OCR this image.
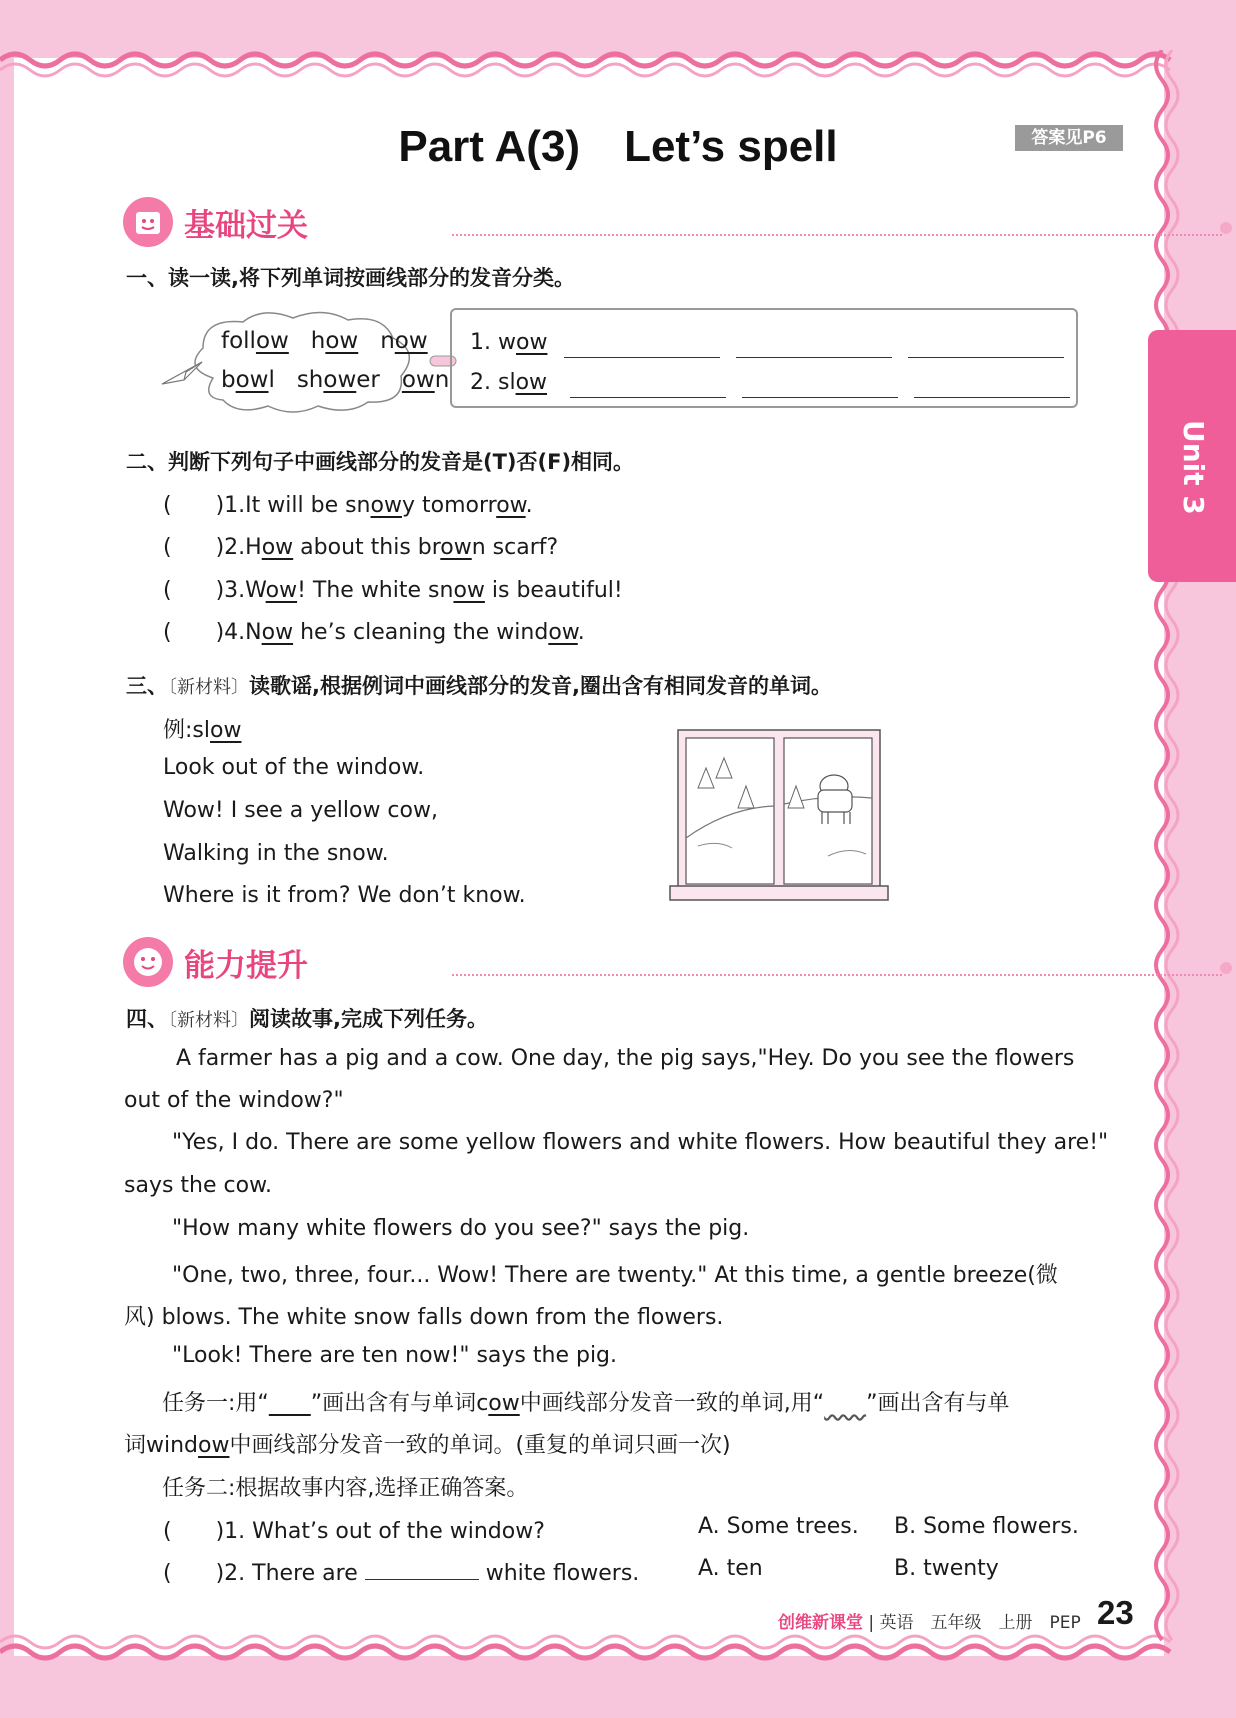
Unit 3
Part A(3)　Let’s spell	答案见P6
基础过关
一、读一读,将下列单词按画线部分的发音分类。
follow how now
bowl shower own
1. wow
2. slow
二、判断下列句子中画线部分的发音是(T)否(F)相同。
(　　)1.It will be snowy tomorrow.
(　　)2.How about this brown scarf?
(　　)3.Wow! The white snow is beautiful!
(　　)4.Now he’s cleaning the window.
三、〔新材料〕读歌谣,根据例词中画线部分的发音,圈出含有相同发音的单词。
例:slow
Look out of the window.
Wow! I see a yellow cow,
Walking in the snow.
Where is it from? We don’t know.
能力提升
四、〔新材料〕阅读故事,完成下列任务。
A farmer has a pig and a cow. One day, the pig says,"Hey. Do you see the flowers
out of the window?"
"Yes, I do. There are some yellow flowers and white flowers. How beautiful they are!"
says the cow.
"How many white flowers do you see?" says the pig.
"One, two, three, four... Wow! There are twenty." At this time, a gentle breeze(微
风) blows. The white snow falls down from the flowers.
"Look! There are ten now!" says the pig.
任务一:用“ ”画出含有与单词cow中画线部分发音一致的单词,用“ ”画出含有与单
词window中画线部分发音一致的单词。(重复的单词只画一次)
任务二:根据故事内容,选择正确答案。
(　　)1. What’s out of the window?	A. Some trees. B. Some flowers.
(　　)2. There are	white flowers.	A. ten	B. twenty
创维新课堂 | 英语　五年级　上册　PEP 23
